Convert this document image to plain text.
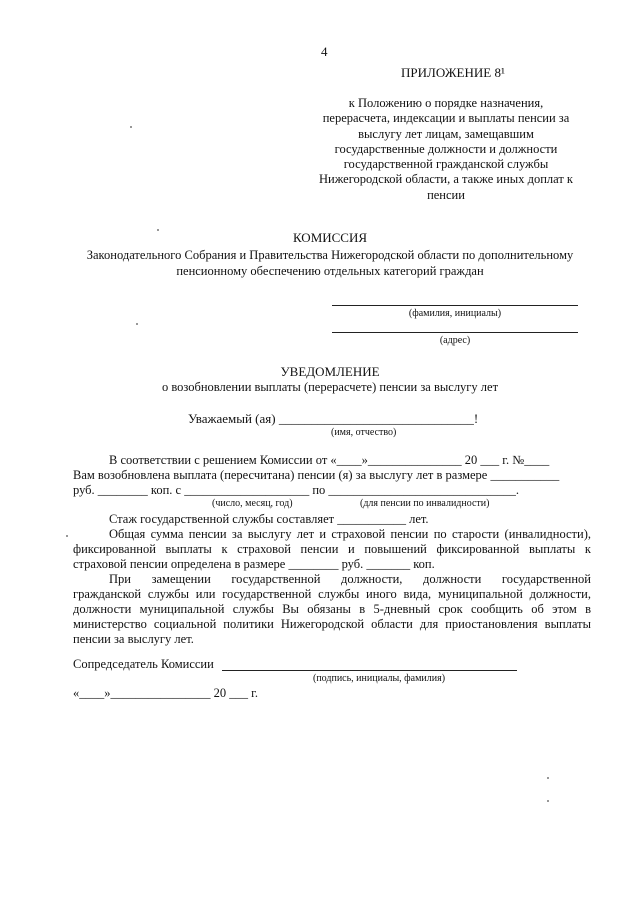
4
ПРИЛОЖЕНИЕ 8¹
к Положению о порядке назначения,
перерасчета, индексации и выплаты пенсии за
выслугу лет лицам, замещавшим
государственные должности и должности
государственной гражданской службы
Нижегородской области, а также иных доплат к
пенсии
КОМИССИЯ
Законодательного Собрания и Правительства Нижегородской области по дополнительному
пенсионному обеспечению отдельных категорий граждан
(фамилия, инициалы)
(адрес)
УВЕДОМЛЕНИЕ
о возобновлении выплаты (перерасчете) пенсии за выслугу лет
Уважаемый (ая) ______________________________!
(имя, отчество)
В соответствии с решением Комиссии от «____»_______________ 20 ___ г. №____
Вам возобновлена выплата (пересчитана) пенсии (я) за выслугу лет в размере ___________
руб. ________ коп. с ____________________ по ______________________________.
(число, месяц, год)	(для пенсии по инвалидности)
Стаж государственной службы составляет ___________ лет.
Общая сумма пенсии за выслугу лет и страховой пенсии по старости (инвалидности),
фиксированной выплаты к страховой пенсии и повышений фиксированной выплаты к
страховой пенсии определена в размере ________ руб. _______ коп.
При замещении государственной должности, должности государственной
гражданской службы или государственной службы иного вида, муниципальной должности,
должности муниципальной службы Вы обязаны в 5-дневный срок сообщить об этом в
министерство социальной политики Нижегородской области для приостановления выплаты
пенсии за выслугу лет.
Сопредседатель Комиссии
(подпись, инициалы, фамилия)
«____»________________ 20 ___ г.
